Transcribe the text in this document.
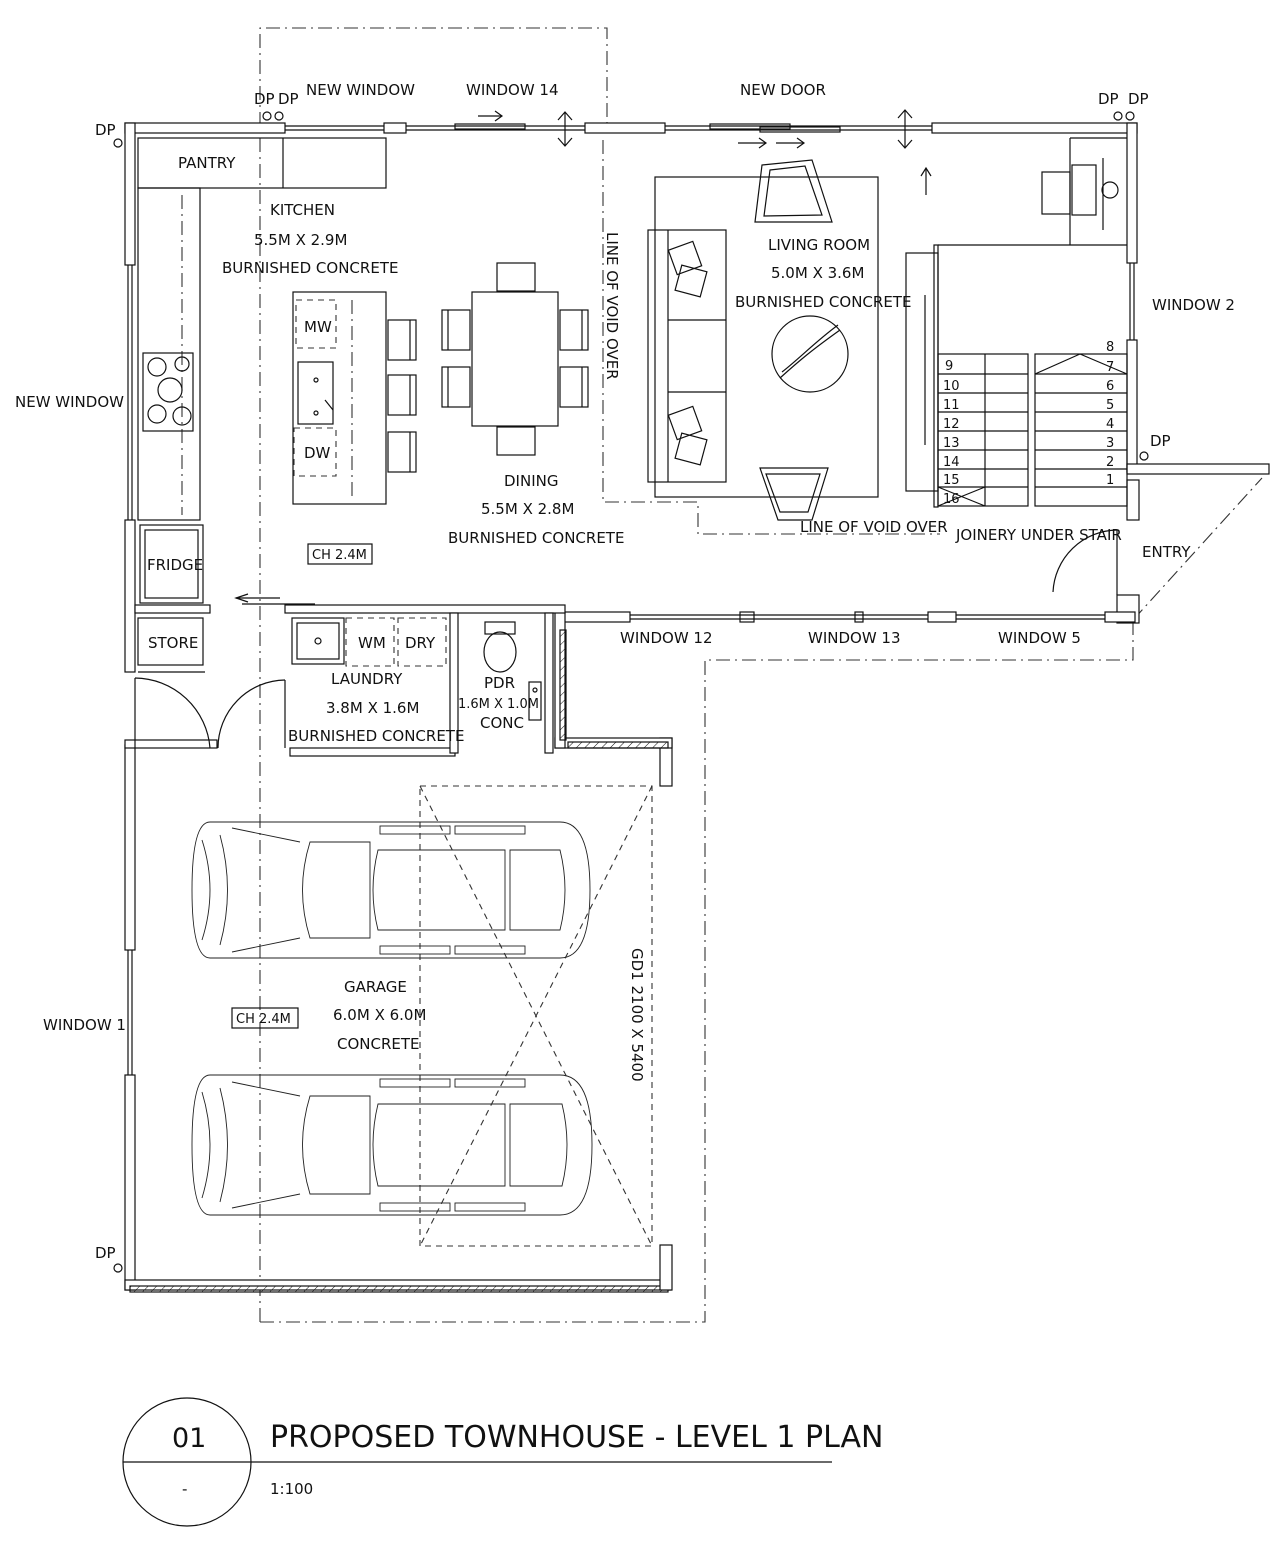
NEW WINDOW	WINDOW 14	NEW DOOR
NEW WINDOW
WINDOW 2
WINDOW 12	WINDOW 13	WINDOW 5
WINDOW 1
DP DP
DP
DP DP
DP
DP
PANTRY
KITCHEN
5.5M X 2.9M
BURNISHED CONCRETE
DINING
5.5M X 2.8M
BURNISHED CONCRETE
LIVING ROOM
5.0M X 3.6M
BURNISHED CONCRETE
LAUNDRY
3.8M X 1.6M
BURNISHED CONCRETE
PDR
1.6M X 1.0M
CONC
GARAGE
6.0M X 6.0M
CONCRETE
FRIDGE
STORE
ENTRY
MW
DW
WM DRY
CH 2.4M
CH 2.4M	GD1 2100 X 5400
LINE OF VOID OVER
LINE OF VOID OVER JOINERY UNDER STAIR
9
10
11
12
13
14
15
16
8
7
6
5
4
3
2
1
01
-
PROPOSED TOWNHOUSE - LEVEL 1 PLAN
1:100
